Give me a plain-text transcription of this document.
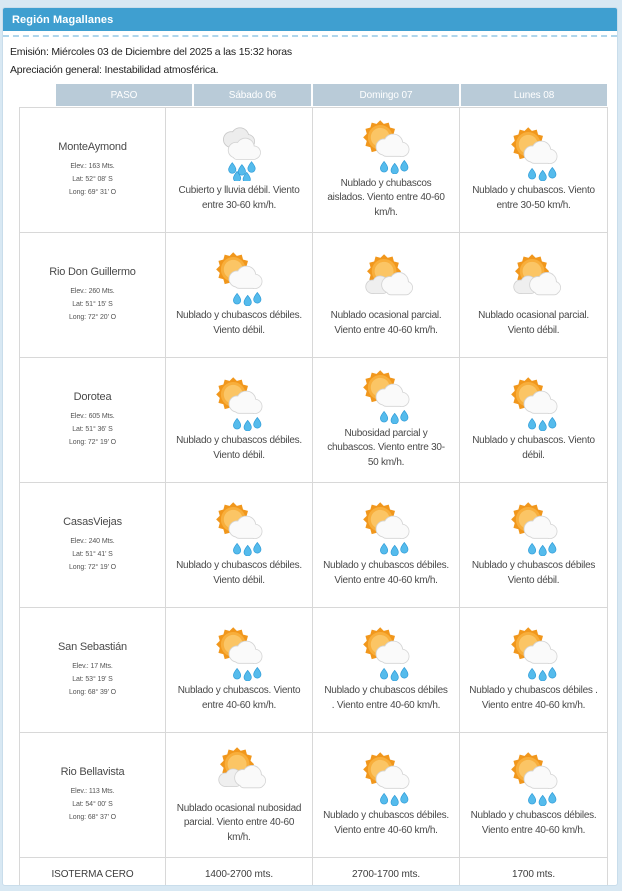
Región Magallanes
Emisión: Miércoles 03 de Diciembre del 2025 a las 15:32 horas
Apreciación general: Inestabilidad atmosférica.
PASO	Sábado 06	Domingo 07	Lunes 08
MonteAymond
Elev.: 163 Mts.
Lat: 52° 08' S
Long: 69° 31' O	Cubierto y lluvia débil. Viento entre 30-60 km/h.	Nublado y chubascos aislados. Viento entre 40-60 km/h.	Nublado y chubascos. Viento entre 30-50 km/h.

Rio Don Guillermo
Elev.: 260 Mts.
Lat: 51° 15' S
Long: 72° 20' O	Nublado y chubascos débiles. Viento débil.	Nublado ocasional parcial. Viento entre 40-60 km/h.	Nublado ocasional parcial. Viento débil.

Dorotea
Elev.: 605 Mts.
Lat: 51° 36' S
Long: 72° 19' O	Nublado y chubascos débiles. Viento débil.	Nubosidad parcial y chubascos. Viento entre 30-50 km/h.	Nublado y chubascos. Viento débil.

CasasViejas
Elev.: 240 Mts.
Lat: 51° 41' S
Long: 72° 19' O	Nublado y chubascos débiles. Viento débil.	Nublado y chubascos débiles. Viento entre 40-60 km/h.	Nublado y chubascos débiles Viento débil.

San Sebastián
Elev.: 17 Mts.
Lat: 53° 19' S
Long: 68° 39' O	Nublado y chubascos. Viento entre 40-60 km/h.	Nublado y chubascos débiles . Viento entre 40-60 km/h.	Nublado y chubascos débiles . Viento entre 40-60 km/h.

Rio Bellavista
Elev.: 113 Mts.
Lat: 54° 00' S
Long: 68° 37' O	Nublado ocasional nubosidad parcial. Viento entre 40-60 km/h.	Nublado y chubascos débiles. Viento entre 40-60 km/h.	Nublado y chubascos débiles. Viento entre 40-60 km/h.

ISOTERMA CERO	1400-2700 mts.	2700-1700 mts.	1700 mts.
